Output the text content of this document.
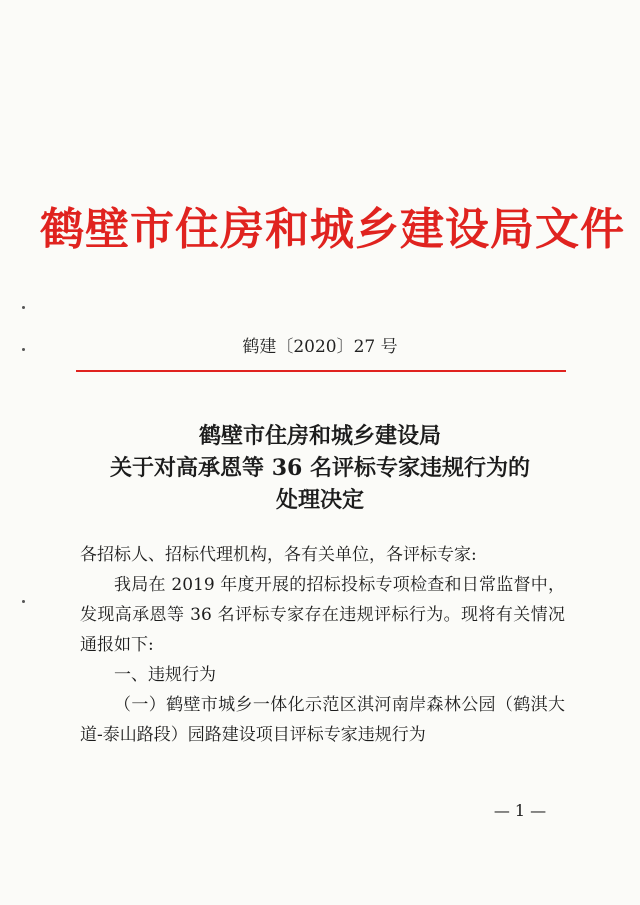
鹤壁市住房和城乡建设局文件
鹤建〔2020〕27 号
鹤壁市住房和城乡建设局
关于对高承恩等 36 名评标专家违规行为的
处理决定

各招标人、招标代理机构，各有关单位，各评标专家:

我局在 2019 年度开展的招标投标专项检查和日常监督中，发现高承恩等 36 名评标专家存在违规评标行为。现将有关情况通报如下:

一、违规行为

（一）鹤壁市城乡一体化示范区淇河南岸森林公园（鹤淇大道-泰山路段）园路建设项目评标专家违规行为

— 1 —
